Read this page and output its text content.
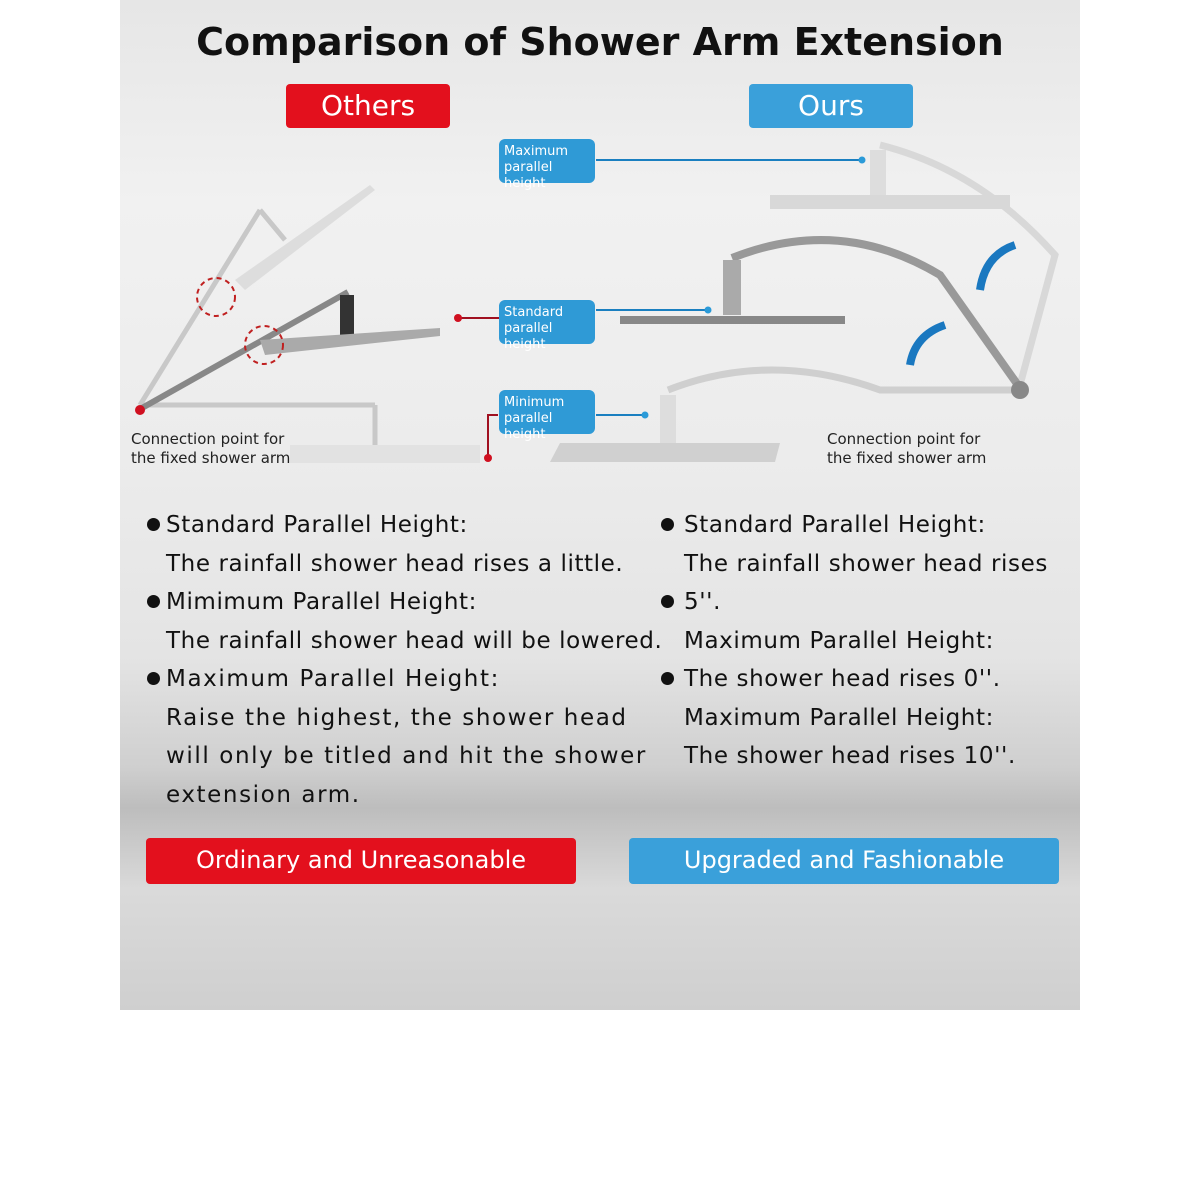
Comparison of Shower Arm Extension
Others	Ours
Maximum
parallel height
Standard
parallel height
Minimum
parallel height
Connection point for
the fixed shower arm
Connection point for
the fixed shower arm
Standard Parallel Height:
The rainfall shower head rises a little.
Mimimum Parallel Height:
The rainfall shower head will be lowered.
Maximum Parallel Height:
Raise the highest, the shower head
will only be titled and hit the shower
extension arm.
Standard Parallel Height:
The rainfall shower head rises 5''.
Maximum Parallel Height:
The shower head rises 0''.
Maximum Parallel Height:
The shower head rises 10''.
Ordinary and Unreasonable	Upgraded and Fashionable
